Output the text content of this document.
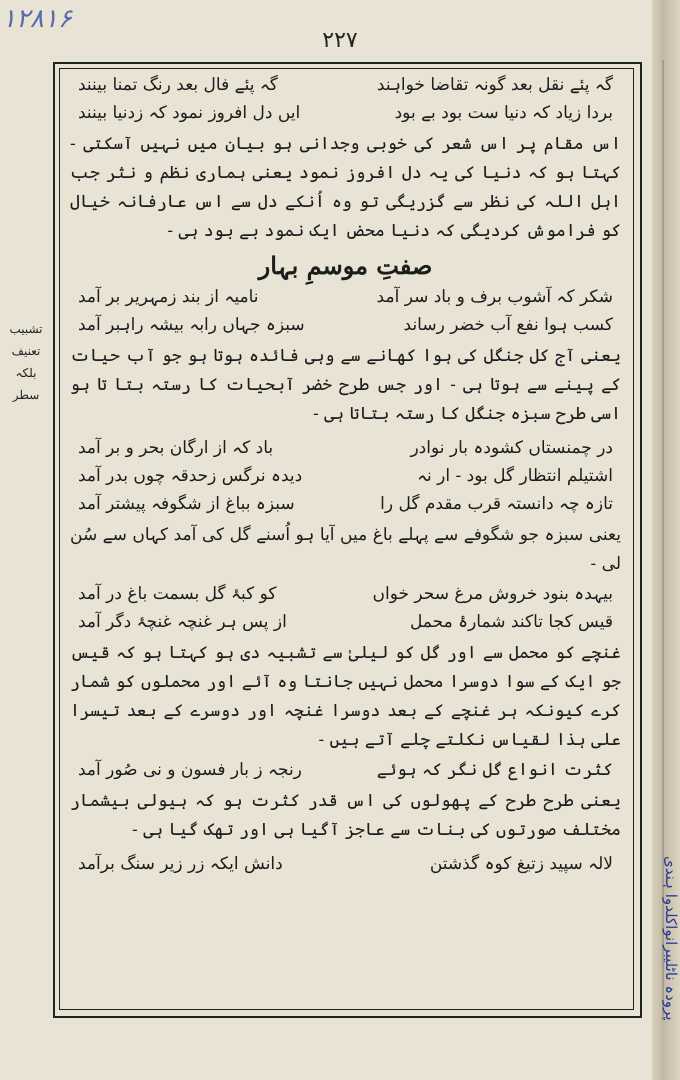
۱۲۸۱۶
۲۲۷
تشبیب
تعنیف
بلکہ سطر
پرودہ ناٹلیبرانواکلدوا ہندی
گہ پئے نقل بعد گونہ تقاضا خواہند
گہ پئے فال بعد رنگ تمنا بینند
بردا زیاد کہ دنیا ست بود بے بود
ایں دل افروز نمود کہ زدنیا بینند
اس مقام پر اس شعر کی خوبی وجدانی ہو بیان میں نہیں آسکتی - کہتا ہو کہ دنیا کی یہ دل افروز نمود یعنی ہماری نظم و نثر جب اہل اللہ کی نظر سے گزریگی تو وہ اُنکے دل سے اس عارفانہ خیال کو فراموش کردیگی کہ دنیا محض ایک نمود بے بود ہی -
صفتِ موسمِ بہار
شکر کہ آشوب برف و باد سر آمد
نامیہ از بند زمہریر بر آمد
کسب ہوا نفع آب خضر رساند
سبزہ جہاں رابہ بیشہ راہبر آمد
یعنی آج کل جنگل کی ہوا کھانے سے وہی فائدہ ہوتا ہو جو آب حیات کے پینے سے ہوتا ہی - اور جس طرح خضر آبحیات کا رستہ بتا تا ہو اسی طرح سبزہ جنگل کا رستہ بتاتا ہی -
در چمنستاں کشودہ بار نوادر
باد کہ از ارگان بحر و بر آمد
اشتیلم انتظار گل بود - ار نہ
دیدہ نرگس زحدقہ چوں بدر آمد
تازہ چہ دانستہ قرب مقدم گل را
سبزہ بباغ از شگوفہ پیشتر آمد
یعنی سبزہ جو شگوفے سے پہلے باغ میں آیا ہو اُسنے گل کی آمد کہاں سے سُن لی -
بیہدہ بنود خروش مرغ سحر خواں
کو کبۂ گل بسمت باغ در آمد
قیس کجا تاکند شمارۂ محمل
از پس ہر غنچہ غنچۂ دگر آمد
غنچے کو محمل سے اور گل کو لیلیٰ سے تشبیہ دی ہو کہتا ہو کہ قیس جو ایک کے سوا دوسرا محمل نہیں جانتا وہ آئے اور محملوں کو شمار کرے کیونکہ ہر غنچے کے بعد دوسرا غنچہ اور دوسرے کے بعد تیسرا علی ہذا لقیاس نکلتے چلے آتے ہیں -
کثرت انواع گل نگر کہ ہوئے
رنجہ ز بار فسون و نی صُور آمد
یعنی طرح طرح کے پھولوں کی اس قدر کثرت ہو کہ ہیولی بیشمار مختلف صورتوں کی بنات سے عاجز آگیا ہی اور تھک گیا ہی -
لالہ سپید زتیغ کوہ گذشتن
دانش ایکہ زر زیر سنگ برآمد
